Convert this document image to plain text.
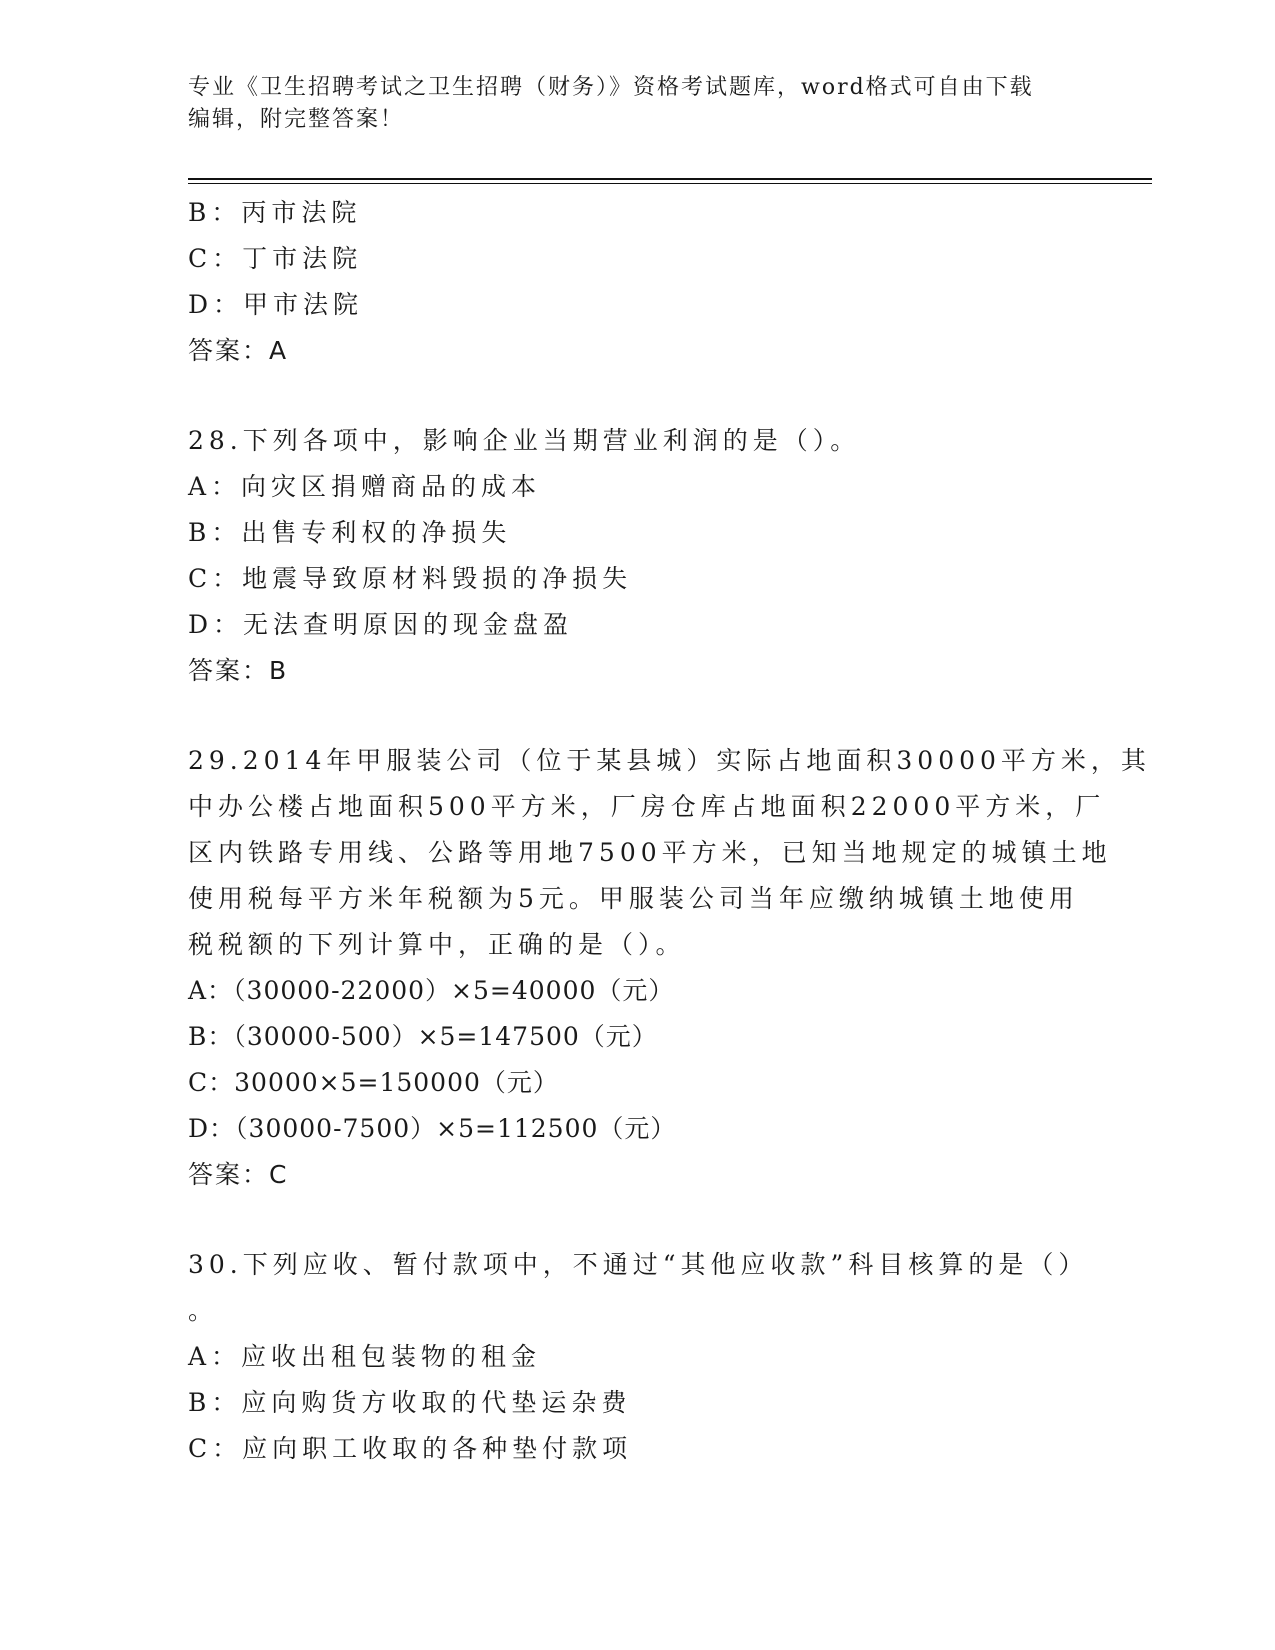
专业《卫生招聘考试之卫生招聘（财务）》资格考试题库，word格式可自由下载
编辑，附完整答案！
B：丙市法院
C：丁市法院
D：甲市法院
答案：A
28.下列各项中，影响企业当期营业利润的是（）。
A：向灾区捐赠商品的成本
B：出售专利权的净损失
C：地震导致原材料毁损的净损失
D：无法查明原因的现金盘盈
答案：B
29.2014年甲服装公司（位于某县城）实际占地面积30000平方米，其
中办公楼占地面积500平方米，厂房仓库占地面积22000平方米，厂
区内铁路专用线、公路等用地7500平方米，已知当地规定的城镇土地
使用税每平方米年税额为5元。甲服装公司当年应缴纳城镇土地使用
税税额的下列计算中，正确的是（）。
A：（30000-22000）×5=40000（元）
B：（30000-500）×5=147500（元）
C：30000×5=150000（元）
D：（30000-7500）×5=112500（元）
答案：C
30.下列应收、暂付款项中，不通过“其他应收款”科目核算的是（）
。
A：应收出租包装物的租金
B：应向购货方收取的代垫运杂费
C：应向职工收取的各种垫付款项
